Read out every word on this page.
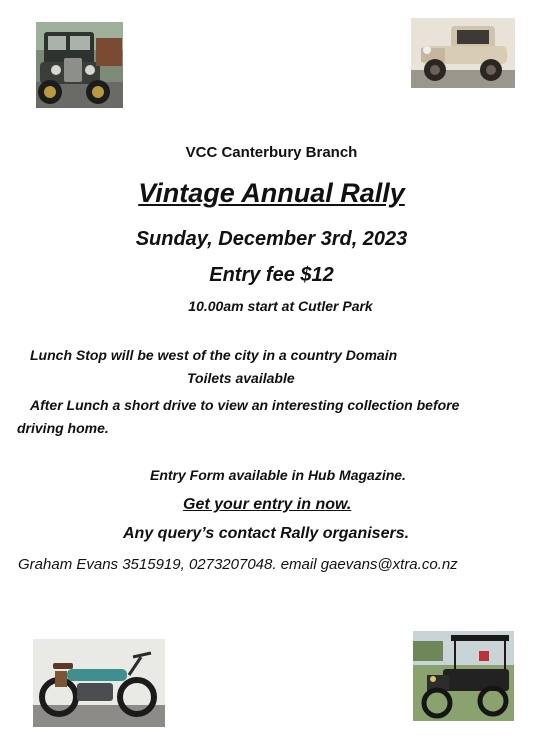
VCC Canterbury Branch
Vintage Annual Rally
Sunday, December 3rd, 2023
Entry fee $12
10.00am start at Cutler Park
Lunch Stop will be west of the city in a country Domain
Toilets available
After Lunch a short drive to view an interesting collection before
driving home.
Entry Form available in Hub Magazine.
Get your entry in now.
Any query’s contact Rally organisers.
Graham Evans 3515919, 0273207048. email gaevans@xtra.co.nz
